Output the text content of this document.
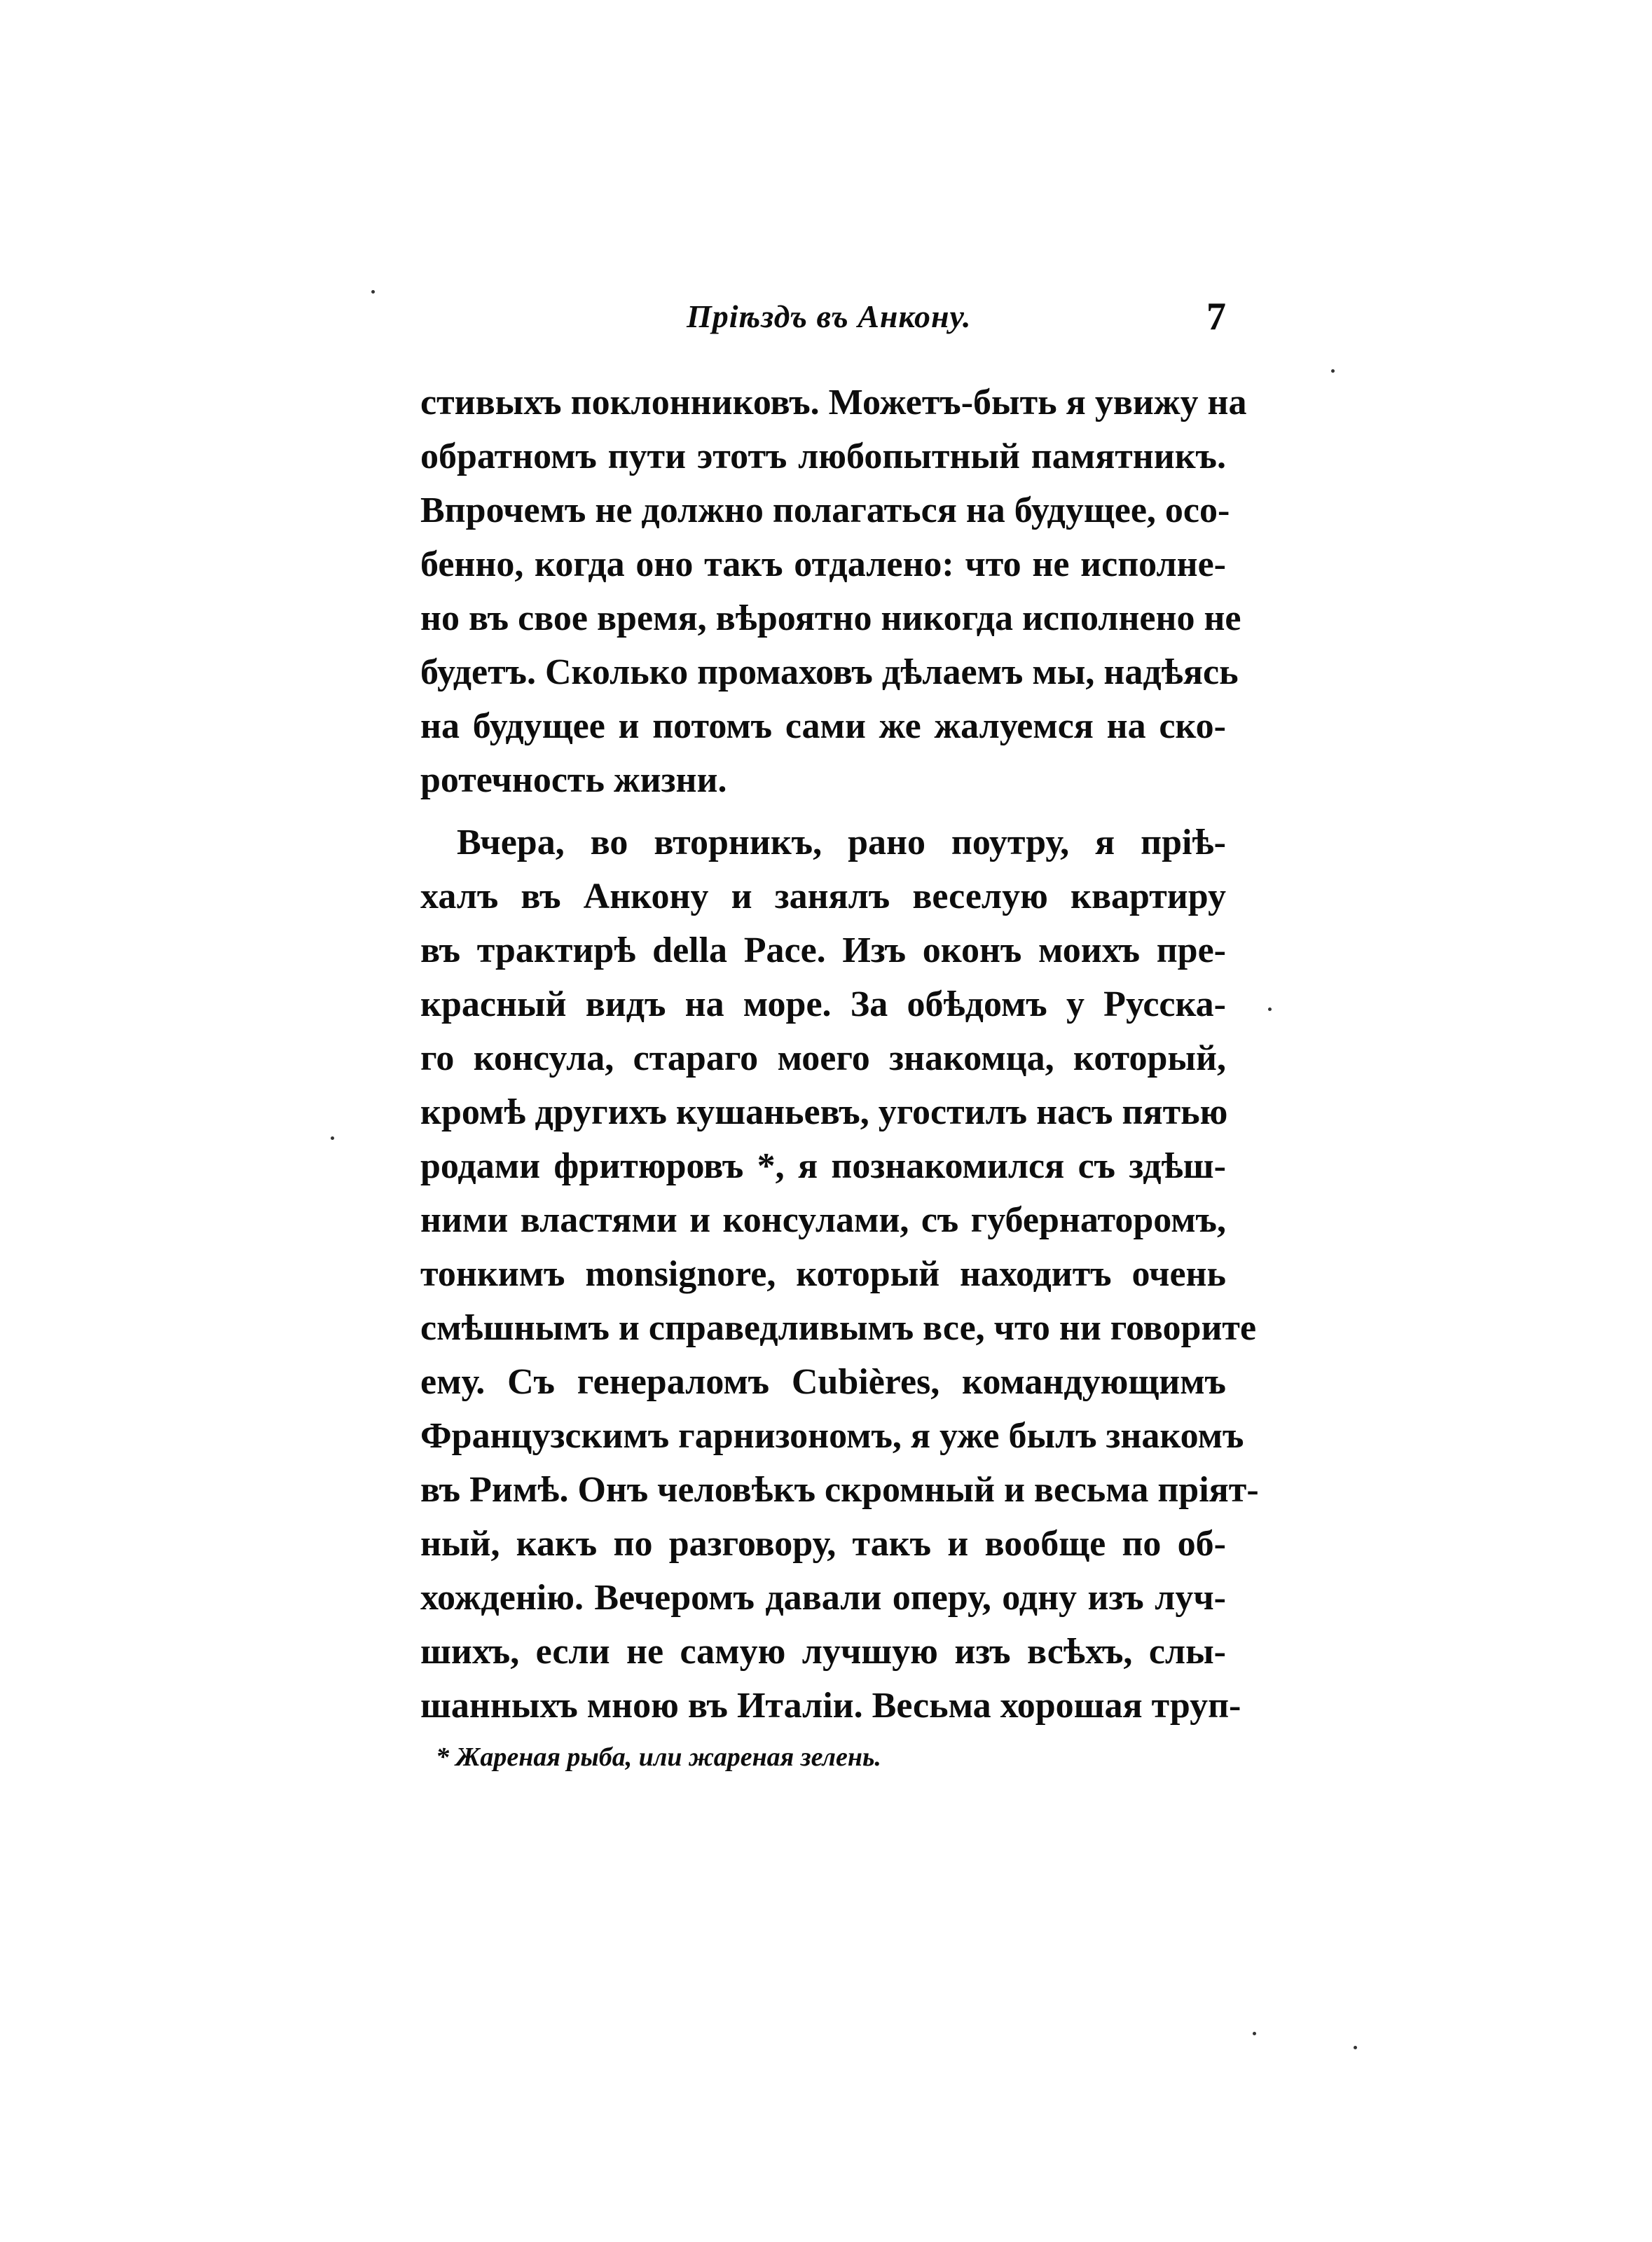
Прiѣздъ въ Анкону.	7
стивыхъ поклонниковъ. Можетъ-быть я увижу на
обратномъ пути этотъ любопытный памятникъ.
Впрочемъ не должно полагаться на будущее, осо-
бенно, когда оно такъ отдалено: что не исполне-
но въ свое время, вѣроятно никогда исполнено не
будетъ. Сколько промаховъ дѣлаемъ мы, надѣясь
на будущее и потомъ сами же жалуемся на ско-
ротечность жизни.
Вчера, во вторникъ, рано поутру, я прiѣ-
халъ въ Анкону и занялъ веселую квартиру
въ трактирѣ della Pace. Изъ оконъ моихъ пре-
красный видъ на море. За обѣдомъ у Русска-
го консула, стараго моего знакомца, который,
кромѣ другихъ кушаньевъ, угостилъ насъ пятью
родами фритюровъ *, я познакомился съ здѣш-
ними властями и консулами, съ губернаторомъ,
тонкимъ monsignore, который находитъ очень
смѣшнымъ и справедливымъ все, что ни говорите
ему. Съ генераломъ Cubières, командующимъ
Французскимъ гарнизономъ, я уже былъ знакомъ
въ Римѣ. Онъ человѣкъ скромный и весьма прiят-
ный, какъ по разговору, такъ и вообще по об-
хожденiю. Вечеромъ давали оперу, одну изъ луч-
шихъ, если не самую лучшую изъ всѣхъ, слы-
шанныхъ мною въ Италiи. Весьма хорошая труп-
* Жареная рыба, или жареная зелень.
